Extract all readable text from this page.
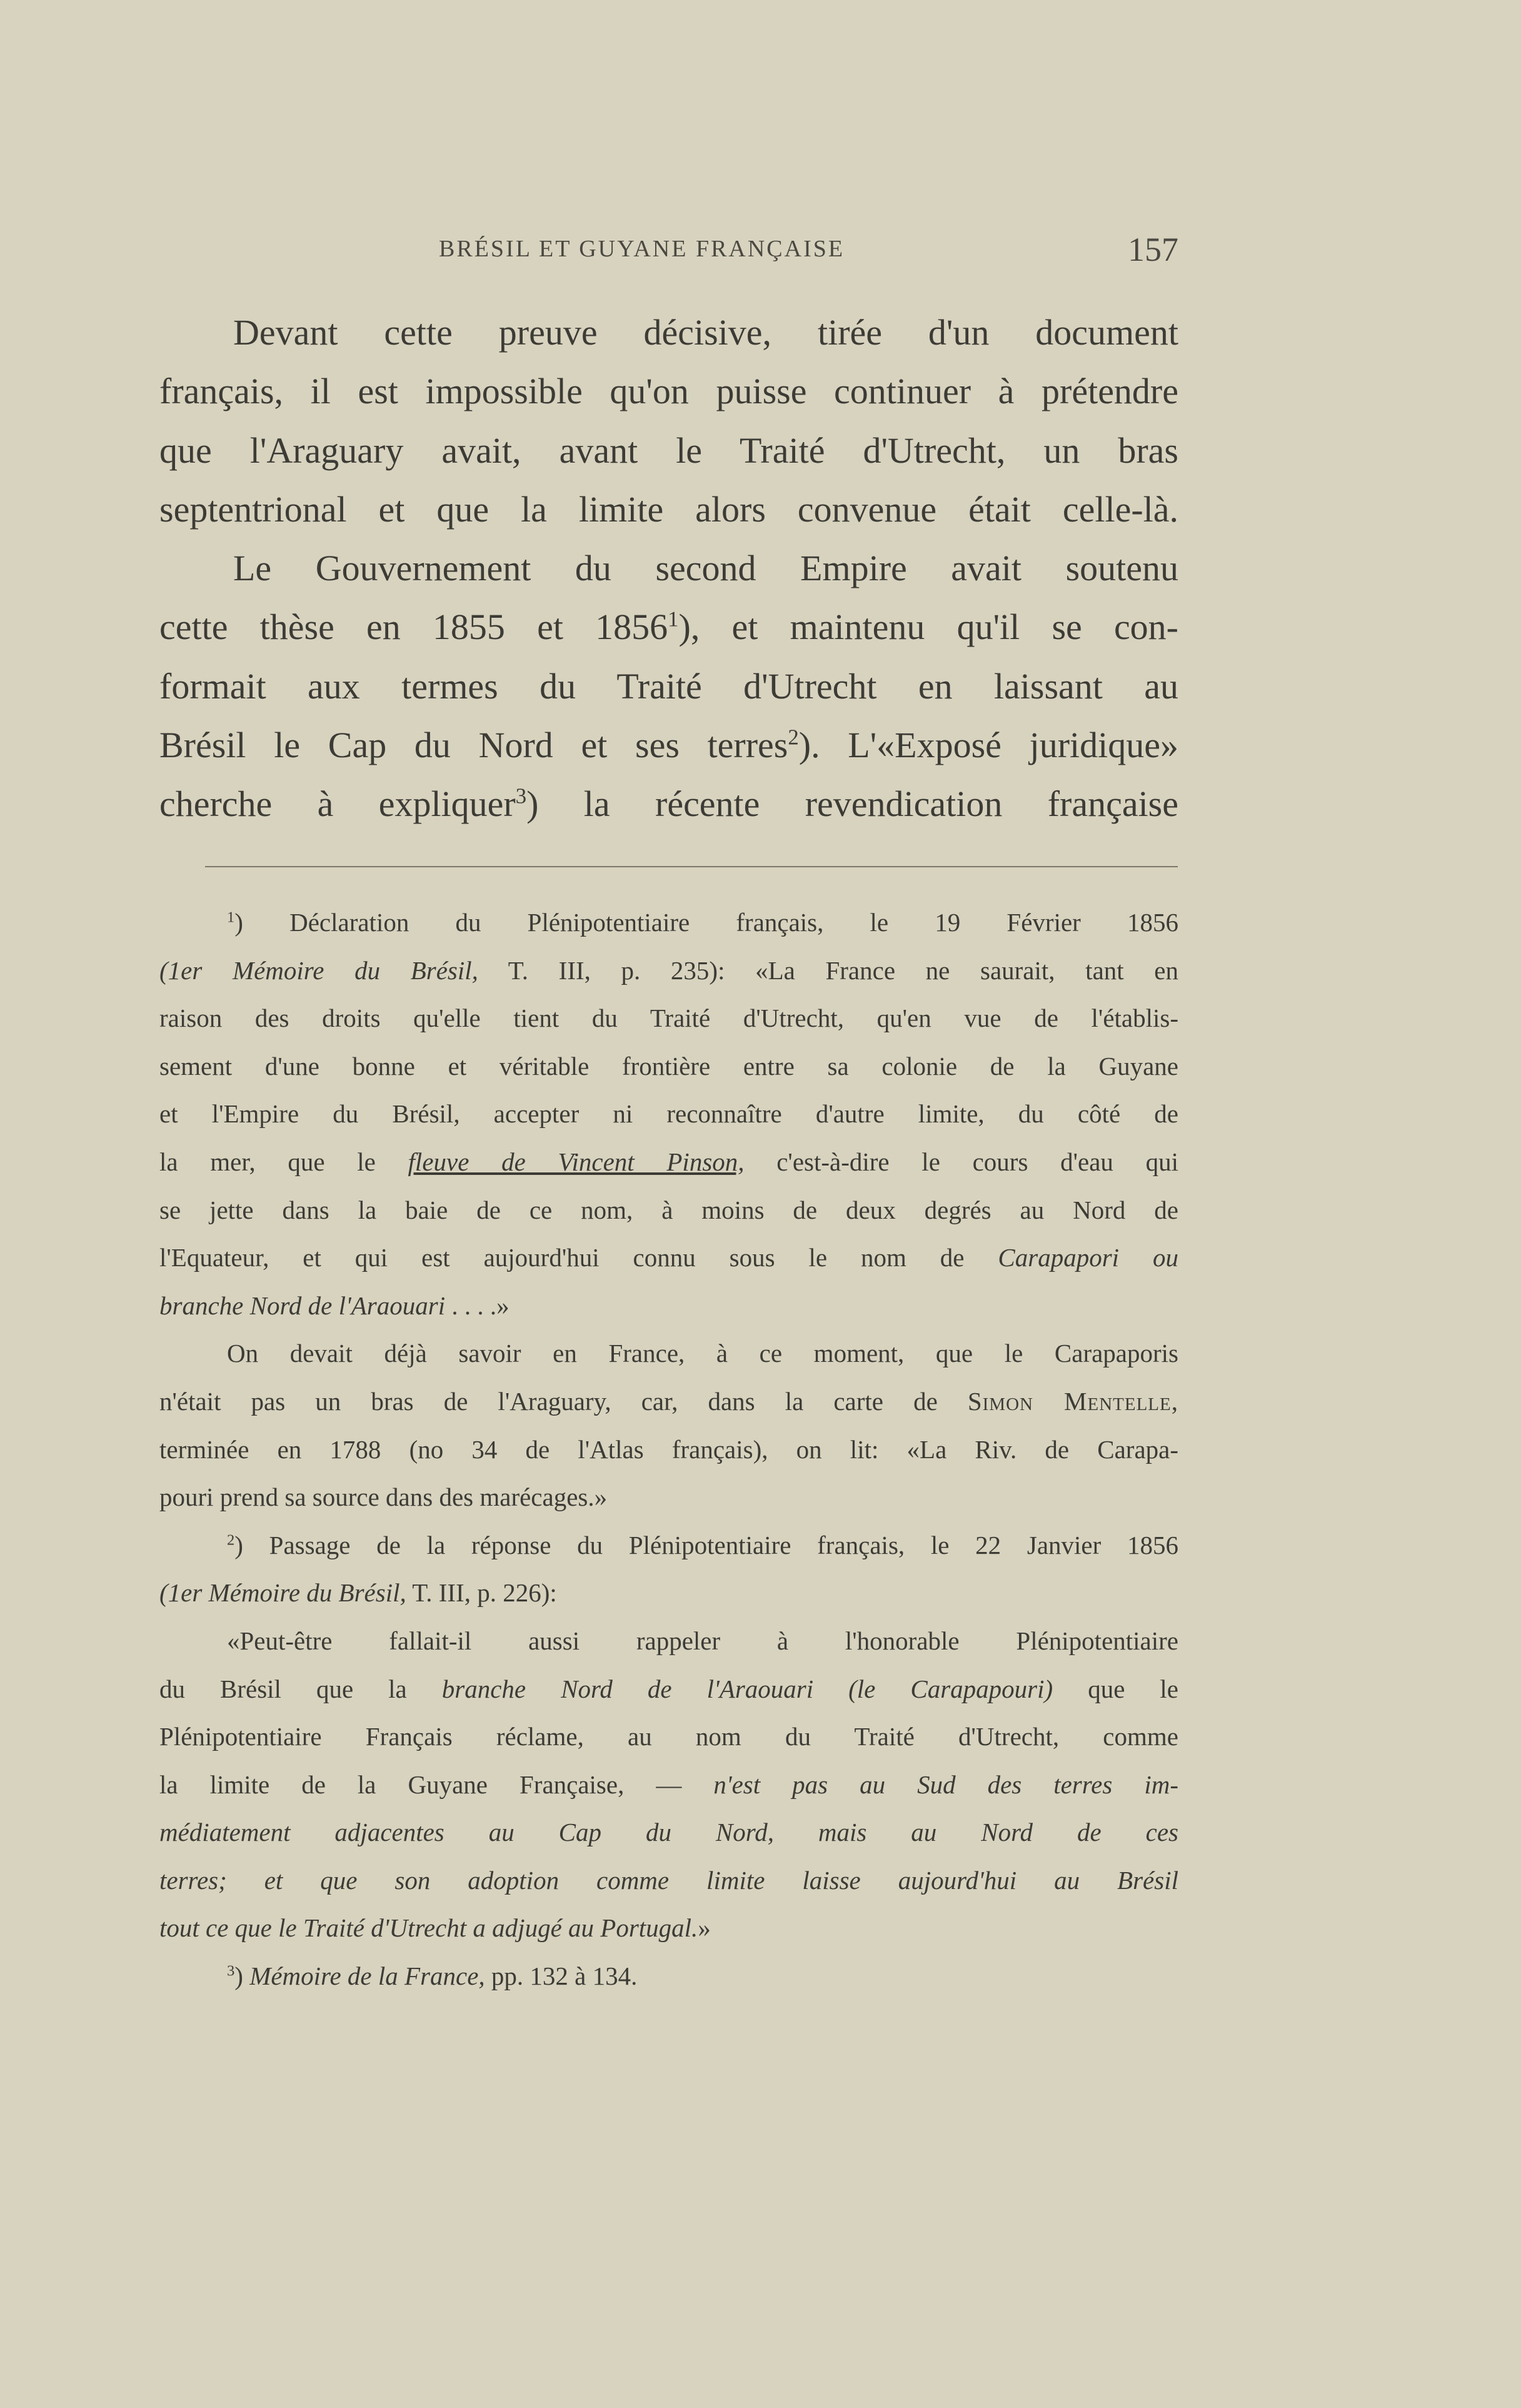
BRÉSIL ET GUYANE FRANÇAISE	157

Devant cette preuve décisive, tirée d'un document

français, il est impossible qu'on puisse continuer à prétendre

que l'Araguary avait, avant le Traité d'Utrecht, un bras

septentrional et que la limite alors convenue était celle-là.

Le Gouvernement du second Empire avait soutenu

cette thèse en 1855 et 1856$^1$), et maintenu qu'il se con-

formait aux termes du Traité d'Utrecht en laissant au

Brésil le Cap du Nord et ses terres$^2$). L'«Exposé juridique»

cherche à expliquer$^3$) la récente revendication française

$^1$) Déclaration du Plénipotentiaire français, le 19 Février 1856

(1er Mémoire du Brésil, T. III, p. 235): «La France ne saurait, tant en

raison des droits qu'elle tient du Traité d'Utrecht, qu'en vue de l'établis-

sement d'une bonne et véritable frontière entre sa colonie de la Guyane

et l'Empire du Brésil, accepter ni reconnaître d'autre limite, du côté de

la mer, que le fleuve de Vincent Pinson, c'est-à-dire le cours d'eau qui

se jette dans la baie de ce nom, à moins de deux degrés au Nord de

l'Equateur, et qui est aujourd'hui connu sous le nom de Carapapori ou

branche Nord de l'Araouari . . . .»

On devait déjà savoir en France, à ce moment, que le Carapaporis

n'était pas un bras de l'Araguary, car, dans la carte de Simon Mentelle,

terminée en 1788 (no 34 de l'Atlas français), on lit: «La Riv. de Carapa-

pouri prend sa source dans des marécages.»

$^2$) Passage de la réponse du Plénipotentiaire français, le 22 Janvier 1856

(1er Mémoire du Brésil, T. III, p. 226):

«Peut-être fallait-il aussi rappeler à l'honorable Plénipotentiaire

du Brésil que la branche Nord de l'Araouari (le Carapapouri) que le

Plénipotentiaire Français réclame, au nom du Traité d'Utrecht, comme

la limite de la Guyane Française, — n'est pas au Sud des terres im-

médiatement adjacentes au Cap du Nord, mais au Nord de ces

terres; et que son adoption comme limite laisse aujourd'hui au Brésil

tout ce que le Traité d'Utrecht a adjugé au Portugal.»

$^3$) Mémoire de la France, pp. 132 à 134.
